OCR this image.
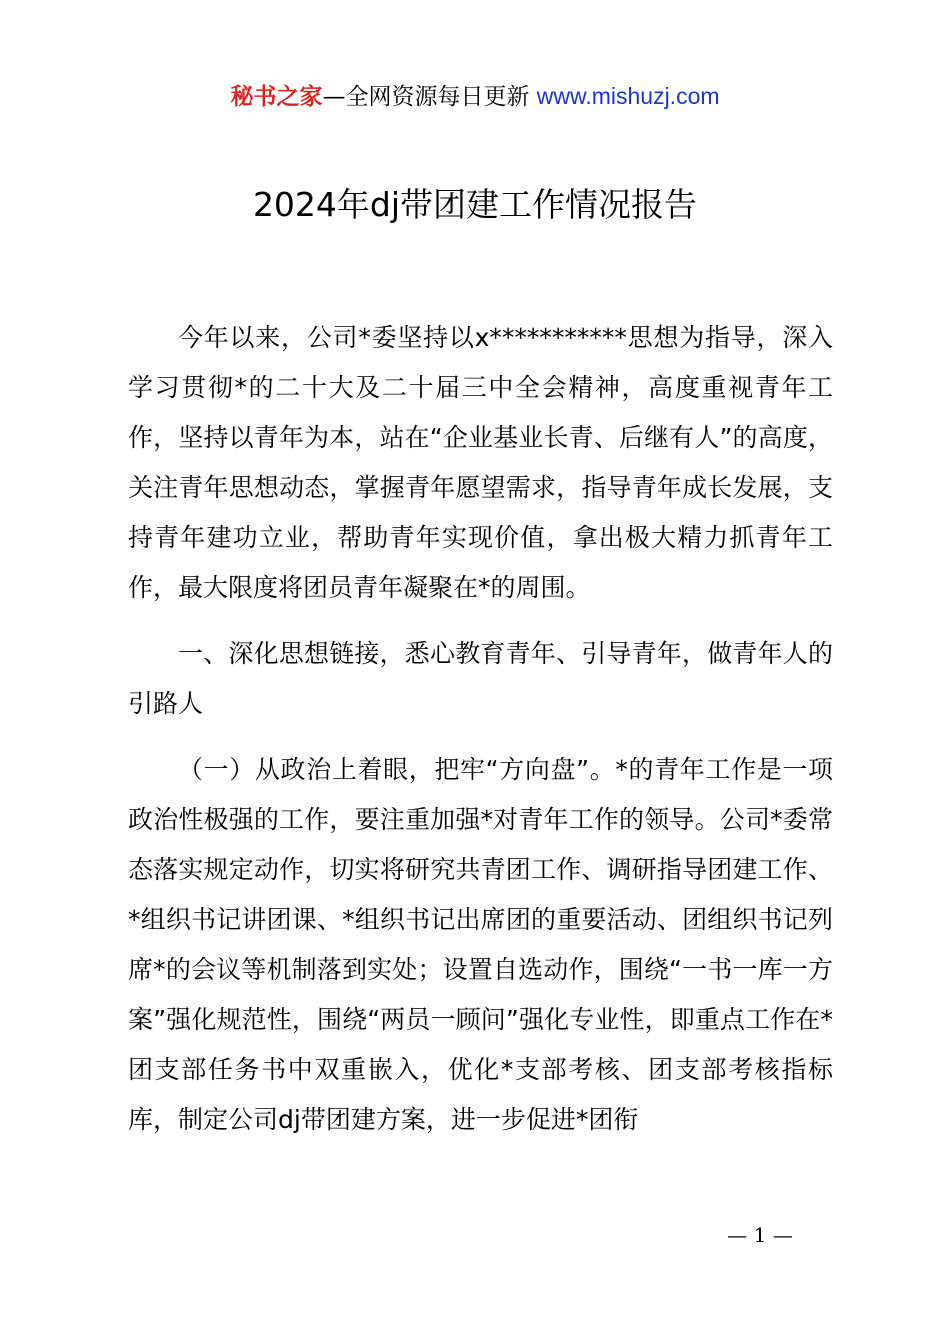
秘书之家—全网资源每日更新 www.mishuzj.com
2024年dj带团建工作情况报告

今年以来，公司*委坚持以x***********思想为指导，深入学习贯彻*的二十大及二十届三中全会精神，高度重视青年工作，坚持以青年为本，站在“企业基业长青、后继有人”的高度，关注青年思想动态，掌握青年愿望需求，指导青年成长发展，支持青年建功立业，帮助青年实现价值，拿出极大精力抓青年工作，最大限度将团员青年凝聚在*的周围。

一、深化思想链接，悉心教育青年、引导青年，做青年人的引路人

（一）从政治上着眼，把牢“方向盘”。*的青年工作是一项政治性极强的工作，要注重加强*对青年工作的领导。公司*委常态落实规定动作，切实将研究共青团工作、调研指导团建工作、*组织书记讲团课、*组织书记出席团的重要活动、团组织书记列席*的会议等机制落到实处；设置自选动作，围绕“一书一库一方案”强化规范性，围绕“两员一顾问”强化专业性，即重点工作在*团支部任务书中双重嵌入，优化*支部考核、团支部考核指标库，制定公司dj带团建方案，进一步促进*团衔

— 1 —
